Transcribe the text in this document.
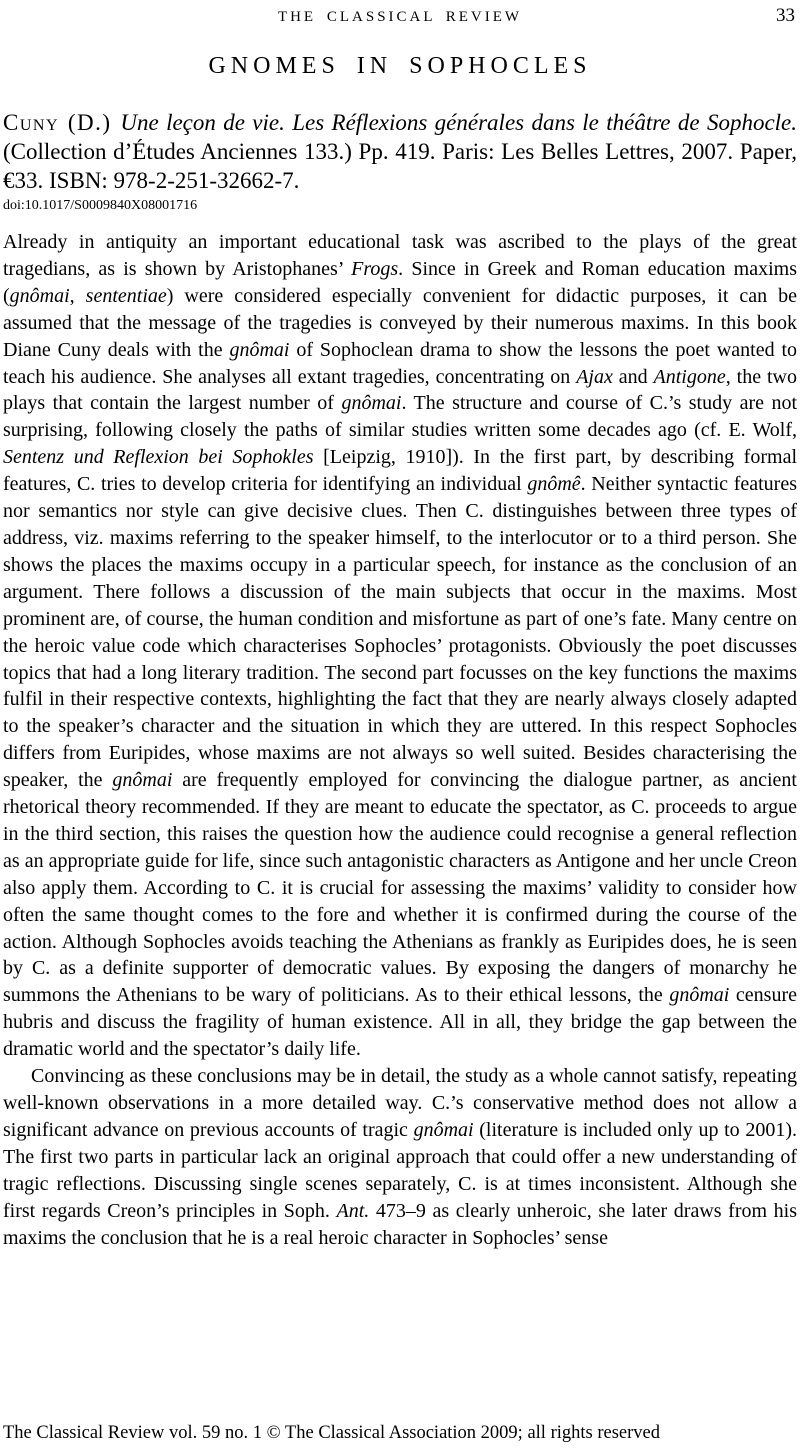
THE CLASSICAL REVIEW	33
GNOMES IN SOPHOCLES

Cuny (D.) Une leçon de vie. Les Réflexions générales dans le théâtre de Sophocle. (Collection d’Études Anciennes 133.) Pp. 419. Paris: Les Belles Lettres, 2007. Paper, €33. ISBN: 978-2-251-32662-7.

doi:10.1017/S0009840X08001716

Already in antiquity an important educational task was ascribed to the plays of the great tragedians, as is shown by Aristophanes’ Frogs. Since in Greek and Roman education maxims (gnômai, sententiae) were considered especially convenient for didactic purposes, it can be assumed that the message of the tragedies is conveyed by their numerous maxims. In this book Diane Cuny deals with the gnômai of Sophoclean drama to show the lessons the poet wanted to teach his audience. She analyses all extant tragedies, concentrating on Ajax and Antigone, the two plays that contain the largest number of gnômai. The structure and course of C.’s study are not surprising, following closely the paths of similar studies written some decades ago (cf. E. Wolf, Sentenz und Reflexion bei Sophokles [Leipzig, 1910]). In the first part, by describing formal features, C. tries to develop criteria for identifying an individual gnômê. Neither syntactic features nor semantics nor style can give decisive clues. Then C. distinguishes between three types of address, viz. maxims referring to the speaker himself, to the interlocutor or to a third person. She shows the places the maxims occupy in a particular speech, for instance as the conclusion of an argument. There follows a discussion of the main subjects that occur in the maxims. Most prominent are, of course, the human condition and misfortune as part of one’s fate. Many centre on the heroic value code which characterises Sophocles’ protagonists. Obviously the poet discusses topics that had a long literary tradition. The second part focusses on the key functions the maxims fulfil in their respective contexts, highlighting the fact that they are nearly always closely adapted to the speaker’s character and the situation in which they are uttered. In this respect Sophocles differs from Euripides, whose maxims are not always so well suited. Besides characterising the speaker, the gnômai are frequently employed for convincing the dialogue partner, as ancient rhetorical theory recommended. If they are meant to educate the spectator, as C. proceeds to argue in the third section, this raises the question how the audience could recognise a general reflection as an appropriate guide for life, since such antagonistic characters as Antigone and her uncle Creon also apply them. According to C. it is crucial for assessing the maxims’ validity to consider how often the same thought comes to the fore and whether it is confirmed during the course of the action. Although Sophocles avoids teaching the Athenians as frankly as Euripides does, he is seen by C. as a definite supporter of democratic values. By exposing the dangers of monarchy he summons the Athenians to be wary of politicians. As to their ethical lessons, the gnômai censure hubris and discuss the fragility of human existence. All in all, they bridge the gap between the dramatic world and the spectator’s daily life.

Convincing as these conclusions may be in detail, the study as a whole cannot satisfy, repeating well-known observations in a more detailed way. C.’s conservative method does not allow a significant advance on previous accounts of tragic gnômai (literature is included only up to 2001). The first two parts in particular lack an original approach that could offer a new understanding of tragic reflections. Discussing single scenes separately, C. is at times inconsistent. Although she first regards Creon’s principles in Soph. Ant. 473–9 as clearly unheroic, she later draws from his maxims the conclusion that he is a real heroic character in Sophocles’ sense

The Classical Review vol. 59 no. 1 © The Classical Association 2009; all rights reserved
